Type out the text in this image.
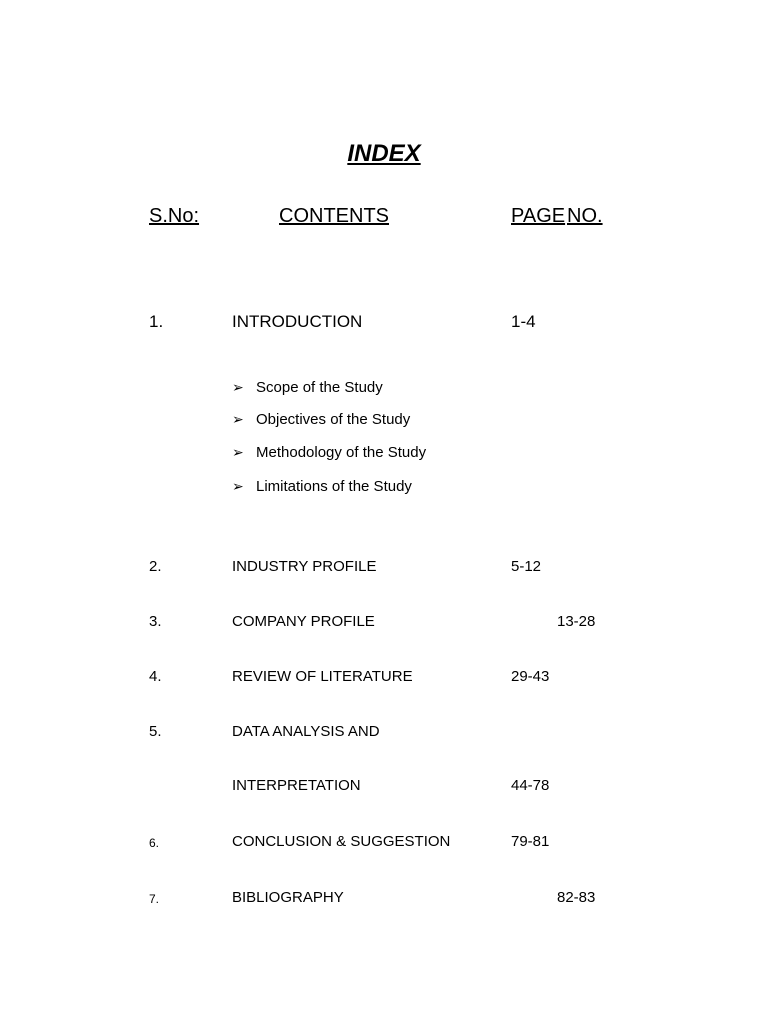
INDEX
S.No:	CONTENTS	PAGE NO.
1.	INTRODUCTION	1-4
➢ Scope of the Study
➢ Objectives of the Study
➢ Methodology of the Study
➢ Limitations of the Study
2.	INDUSTRY PROFILE	5-12
3.	COMPANY PROFILE	13-28
4.	REVIEW OF LITERATURE	29-43
5.	DATA ANALYSIS AND
INTERPRETATION	44-78
6.	CONCLUSION & SUGGESTION	79-81
7.	BIBLIOGRAPHY	82-83
